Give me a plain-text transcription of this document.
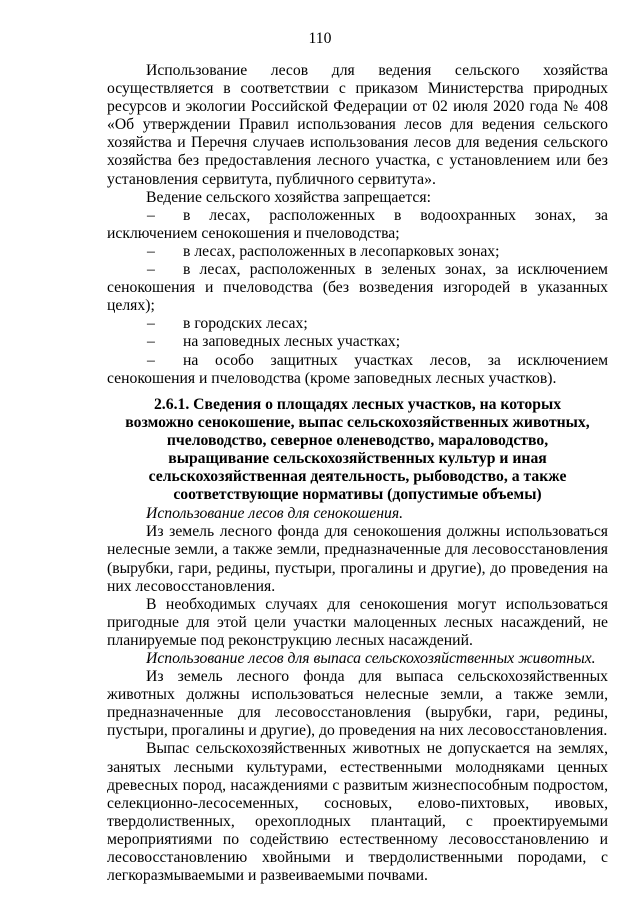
110

Использование лесов для ведения сельского хозяйства осуществляется в соответствии с приказом Министерства природных ресурсов и экологии Российской Федерации от 02 июля 2020 года № 408 «Об утверждении Правил использования лесов для ведения сельского хозяйства и Перечня случаев использования лесов для ведения сельского хозяйства без предоставления лесного участка, с установлением или без установления сервитута, публичного сервитута».

Ведение сельского хозяйства запрещается:

– в лесах, расположенных в водоохранных зонах, за исключением сенокошения и пчеловодства;

– в лесах, расположенных в лесопарковых зонах;

– в лесах, расположенных в зеленых зонах, за исключением сенокошения и пчеловодства (без возведения изгородей в указанных целях);

– в городских лесах;

– на заповедных лесных участках;

– на особо защитных участках лесов, за исключением сенокошения и пчеловодства (кроме заповедных лесных участков).

2.6.1. Сведения о площадях лесных участков, на которых возможно сенокошение, выпас сельскохозяйственных животных, пчеловодство, северное оленеводство, мараловодство, выращивание сельскохозяйственных культур и иная сельскохозяйственная деятельность, рыбоводство, а также соответствующие нормативы (допустимые объемы)

Использование лесов для сенокошения.

Из земель лесного фонда для сенокошения должны использоваться нелесные земли, а также земли, предназначенные для лесовосстановления (вырубки, гари, редины, пустыри, прогалины и другие), до проведения на них лесовосстановления.

В необходимых случаях для сенокошения могут использоваться пригодные для этой цели участки малоценных лесных насаждений, не планируемые под реконструкцию лесных насаждений.

Использование лесов для выпаса сельскохозяйственных животных.

Из земель лесного фонда для выпаса сельскохозяйственных животных должны использоваться нелесные земли, а также земли, предназначенные для лесовосстановления (вырубки, гари, редины, пустыри, прогалины и другие), до проведения на них лесовосстановления.

Выпас сельскохозяйственных животных не допускается на землях, занятых лесными культурами, естественными молодняками ценных древесных пород, насаждениями с развитым жизнеспособным подростом, селекционно-лесосеменных, сосновых, елово-пихтовых, ивовых, твердолиственных, орехоплодных плантаций, с проектируемыми мероприятиями по содействию естественному лесовосстановлению и лесовосстановлению хвойными и твердолиственными породами, с легкоразмываемыми и развеиваемыми почвами.
